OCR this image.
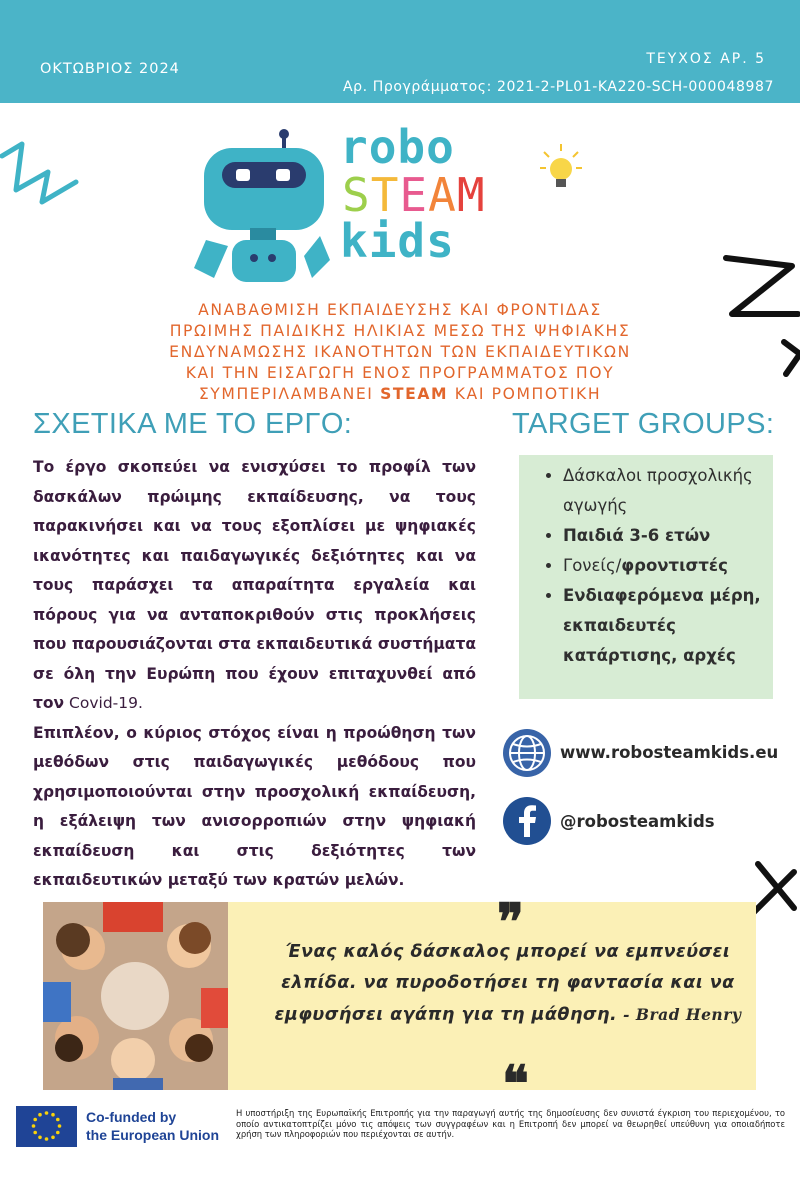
ΟΚΤΩΒΡΙΟΣ 2024
ΤΕΥΧΟΣ ΑΡ. 5
Αρ. Προγράμματος: 2021-2-PL01-KA220-SCH-000048987
robo
STEAM
kids
ΑΝΑΒΑΘΜΙΣΗ ΕΚΠΑΙΔΕΥΣΗΣ ΚΑΙ ΦΡΟΝΤΙΔΑΣ
ΠΡΩΙΜΗΣ ΠΑΙΔΙΚΗΣ ΗΛΙΚΙΑΣ ΜΕΣΩ ΤΗΣ ΨΗΦΙΑΚΗΣ
ΕΝΔΥΝΑΜΩΣΗΣ ΙΚΑΝΟΤΗΤΩΝ ΤΩΝ ΕΚΠΑΙΔΕΥΤΙΚΩΝ
ΚΑΙ ΤΗΝ ΕΙΣΑΓΩΓΗ ΕΝΟΣ ΠΡΟΓΡΑΜΜΑΤΟΣ ΠΟΥ
ΣΥΜΠΕΡΙΛΑΜΒΑΝΕΙ STEAM ΚΑΙ ΡΟΜΠΟΤΙΚΗ
ΣΧΕΤΙΚΑ ΜΕ ΤΟ ΕΡΓΟ:	TARGET GROUPS:

Το έργο σκοπεύει να ενισχύσει το προφίλ των δασκάλων πρώιμης εκπαίδευσης, να τους παρακινήσει και να τους εξοπλίσει με ψηφιακές ικανότητες και παιδαγωγικές δεξιότητες και να τους παράσχει τα απαραίτητα εργαλεία και πόρους για να ανταποκριθούν στις προκλήσεις που παρουσιάζονται στα εκπαιδευτικά συστήματα σε όλη την Ευρώπη που έχουν επιταχυνθεί από τον Covid-19.

Επιπλέον, ο κύριος στόχος είναι η προώθηση των μεθόδων στις παιδαγωγικές μεθόδους που χρησιμοποιούνται στην προσχολική εκπαίδευση, η εξάλειψη των ανισορροπιών στην ψηφιακή εκπαίδευση και στις δεξιότητες των εκπαιδευτικών μεταξύ των κρατών μελών.

• Δάσκαλοι προσχολικής αγωγής
• Παιδιά 3-6 ετών
• Γονείς/φροντιστές
• Ενδιαφερόμενα μέρη, εκπαιδευτές κατάρτισης, αρχές
www.robosteamkids.eu
@robosteamkids
❞
Ένας καλός δάσκαλος μπορεί να εμπνεύσει ελπίδα. να πυροδοτήσει τη φαντασία και να εμφυσήσει αγάπη για τη μάθηση. - Brad Henry
❝
Co-funded by
the European Union
Η υποστήριξη της Ευρωπαϊκής Επιτροπής για την παραγωγή αυτής της δημοσίευσης δεν συνιστά έγκριση του περιεχομένου, το οποίο αντικατοπτρίζει μόνο τις απόψεις των συγγραφέων και η Επιτροπή δεν μπορεί να θεωρηθεί υπεύθυνη για οποιαδήποτε χρήση των πληροφοριών που περιέχονται σε αυτήν.
